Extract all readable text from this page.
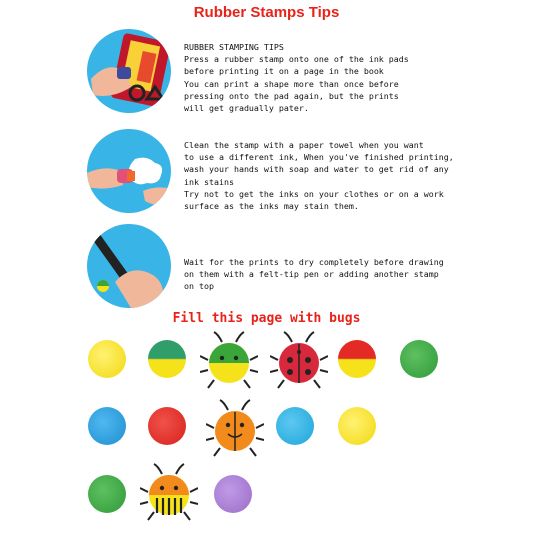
Rubber Stamps Tips
RUBBER STAMPING TIPS
Press a rubber stamp onto one of the ink pads
before printing it on a page in the book
You can print a shape more than once before
pressing onto the pad again, but the prints
will get gradually pater.
Clean the stamp with a paper towel when you want
to use a different ink, When you've finished printing,
wash your hands with soap and water to get rid of any
ink stains
Try not to get the inks on your clothes or on a work
surface as the inks may stain them.
Wait for the prints to dry completely before drawing
on them with a felt-tip pen or adding another stamp
on top
Fill this page with bugs
